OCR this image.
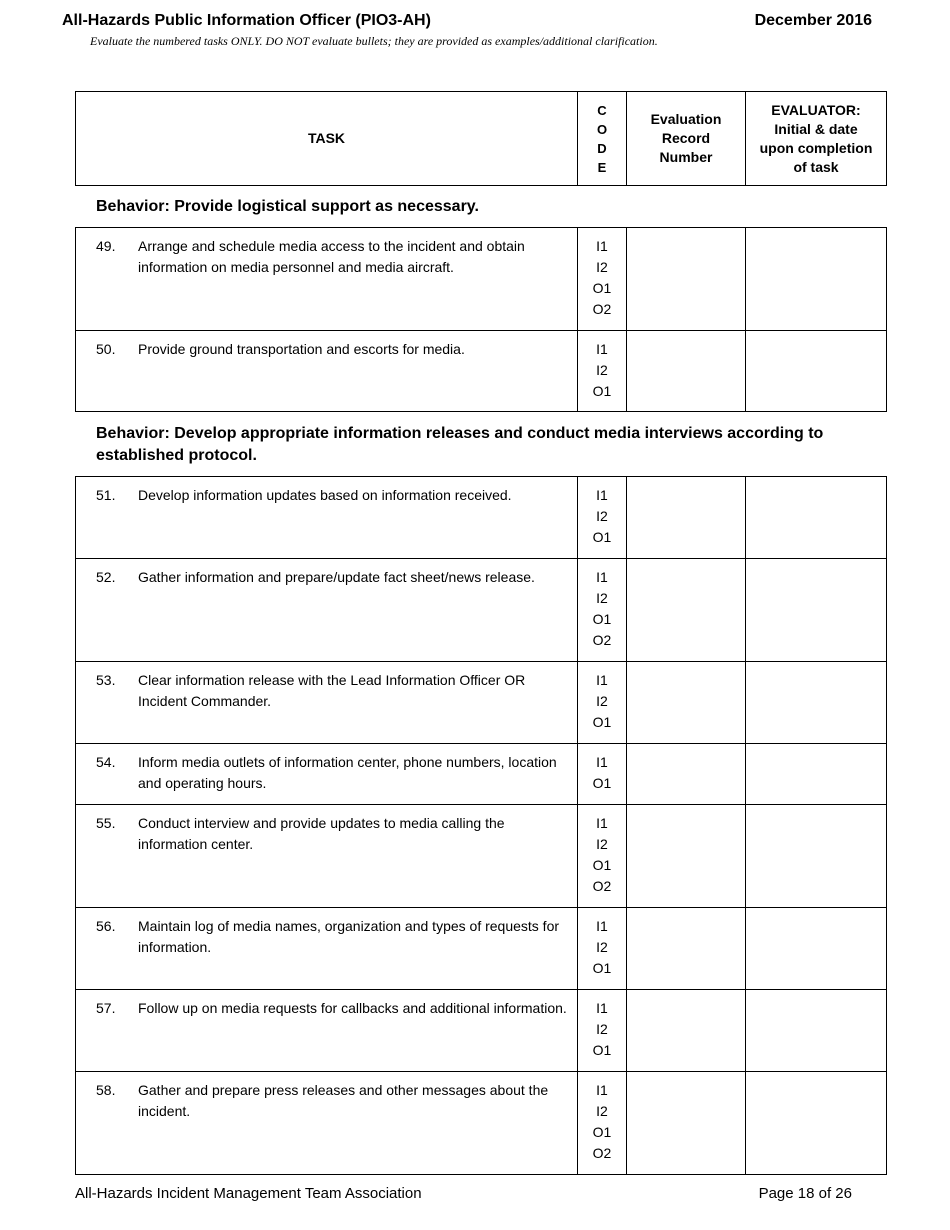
All-Hazards Public Information Officer (PIO3-AH)	December 2016
Evaluate the numbered tasks ONLY. DO NOT evaluate bullets; they are provided as examples/additional clarification.
TASK	C
O
D
E	Evaluation Record Number	EVALUATOR: Initial & date upon completion of task
Behavior: Provide logistical support as necessary.
49. Arrange and schedule media access to the incident and obtain information on media personnel and media aircraft.	I1
I2
O1
O2		

50. Provide ground transportation and escorts for media.	I1
I2
O1		

Behavior: Develop appropriate information releases and conduct media interviews according to established protocol.
51. Develop information updates based on information received.	I1
I2
O1		

52. Gather information and prepare/update fact sheet/news release.	I1
I2
O1
O2		

53. Clear information release with the Lead Information Officer OR Incident Commander.	I1
I2
O1		

54. Inform media outlets of information center, phone numbers, location and operating hours.	I1
O1		

55. Conduct interview and provide updates to media calling the information center.	I1
I2
O1
O2		

56. Maintain log of media names, organization and types of requests for information.	I1
I2
O1		

57. Follow up on media requests for callbacks and additional information.	I1
I2
O1		

58. Gather and prepare press releases and other messages about the incident.	I1
I2
O1
O2		

All-Hazards Incident Management Team Association	Page 18 of 26
